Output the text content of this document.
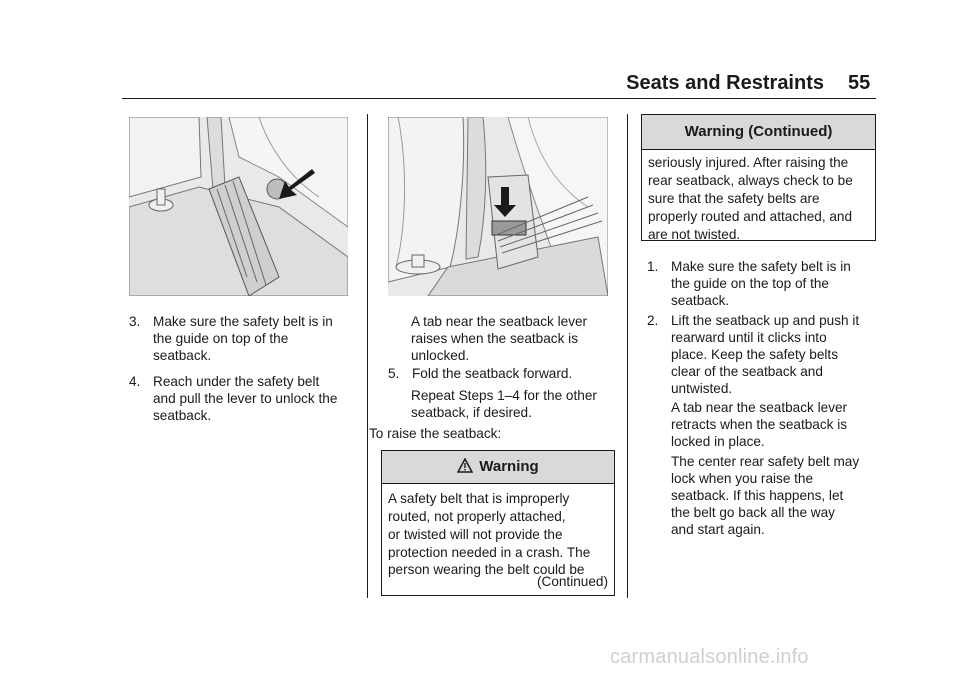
Seats and Restraints 55
3. Make sure the safety belt is in
the guide on top of the
seatback.
4. Reach under the safety belt
and pull the lever to unlock the
seatback.
A tab near the seatback lever
raises when the seatback is
unlocked.
5. Fold the seatback forward.
Repeat Steps 1–4 for the other
seatback, if desired.
To raise the seatback:
Warning
A safety belt that is improperly
routed, not properly attached,
or twisted will not provide the
protection needed in a crash. The
person wearing the belt could be
(Continued)
Warning (Continued)
seriously injured. After raising the
rear seatback, always check to be
sure that the safety belts are
properly routed and attached, and
are not twisted.
1. Make sure the safety belt is in
the guide on the top of the
seatback.
2. Lift the seatback up and push it
rearward until it clicks into
place. Keep the safety belts
clear of the seatback and
untwisted.
A tab near the seatback lever
retracts when the seatback is
locked in place.
The center rear safety belt may
lock when you raise the
seatback. If this happens, let
the belt go back all the way
and start again.
carmanualsonline.info
